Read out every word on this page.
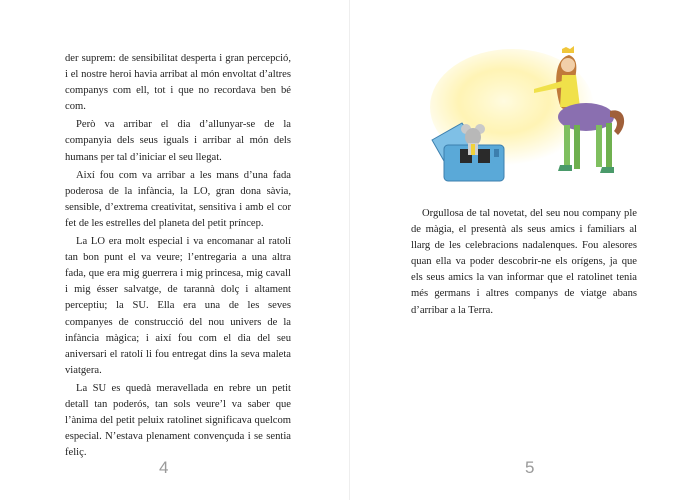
der suprem: de sensibilitat desperta i gran percepció, i el nostre heroi havia arribat al món envoltat d’altres companys com ell, tot i que no recordava ben bé com.

Però va arribar el dia d’allunyar-se de la companyia dels seus iguals i arribar al món dels humans per tal d’iniciar el seu llegat.

Així fou com va arribar a les mans d’una fada poderosa de la infància, la LO, gran dona sàvia, sensible, d’extrema creativitat, sensitiva i amb el cor fet de les estrelles del planeta del petit príncep.

La LO era molt especial i va encomanar al ratolí tan bon punt el va veure; l’entregaria a una altra fada, que era mig guerrera i mig princesa, mig cavall i mig ésser salvatge, de tarannà dolç i altament perceptiu; la SU. Ella era una de les seves companyes de construcció del nou univers de la infància màgica; i així fou com el dia del seu aniversari el ratolí li fou entregat dins la seva maleta viatgera.

La SU es quedà meravellada en rebre un petit detall tan poderós, tan sols veure’l va saber que l’ànima del petit peluix ratolinet significava quelcom especial. N’estava plenament convençuda i se sentia feliç.

4

Orgullosa de tal novetat, del seu nou company ple de màgia, el presentà als seus amics i familiars al llarg de les celebracions nadalenques. Fou alesores quan ella va poder descobrir-ne els orígens, ja que els seus amics la van informar que el ratolinet tenia més germans i altres companys de viatge abans d’arribar a la Terra.

5
